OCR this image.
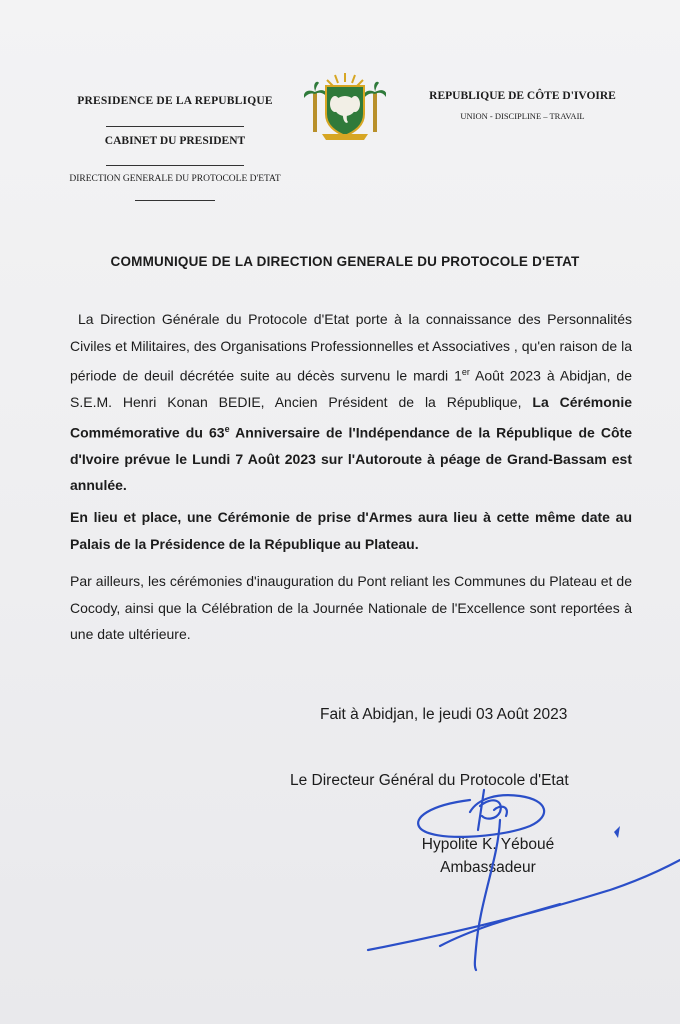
PRESIDENCE DE LA REPUBLIQUE
CABINET DU PRESIDENT
DIRECTION GENERALE DU PROTOCOLE D'ETAT
REPUBLIQUE DE CÔTE D'IVOIRE
UNION - DISCIPLINE – TRAVAIL
COMMUNIQUE DE LA DIRECTION GENERALE DU PROTOCOLE D'ETAT
La Direction Générale du Protocole d'Etat porte à la connaissance des Personnalités Civiles et Militaires, des Organisations Professionnelles et Associatives , qu'en raison de la période de deuil décrétée suite au décès survenu le mardi 1er Août 2023 à Abidjan, de S.E.M. Henri Konan BEDIE, Ancien Président de la République, La Cérémonie Commémorative du 63e Anniversaire de l'Indépendance de la République de Côte d'Ivoire prévue le Lundi 7 Août 2023 sur l'Autoroute à péage de Grand-Bassam est annulée.
En lieu et place, une Cérémonie de prise d'Armes aura lieu à cette même date au Palais de la Présidence de la République au Plateau.
Par ailleurs, les cérémonies d'inauguration du Pont reliant les Communes du Plateau et de Cocody, ainsi que la Célébration de la Journée Nationale de l'Excellence sont reportées à une date ultérieure.
Fait à Abidjan, le jeudi 03 Août 2023
Le Directeur Général du Protocole d'Etat
Hypolite K. Yéboué
Ambassadeur
